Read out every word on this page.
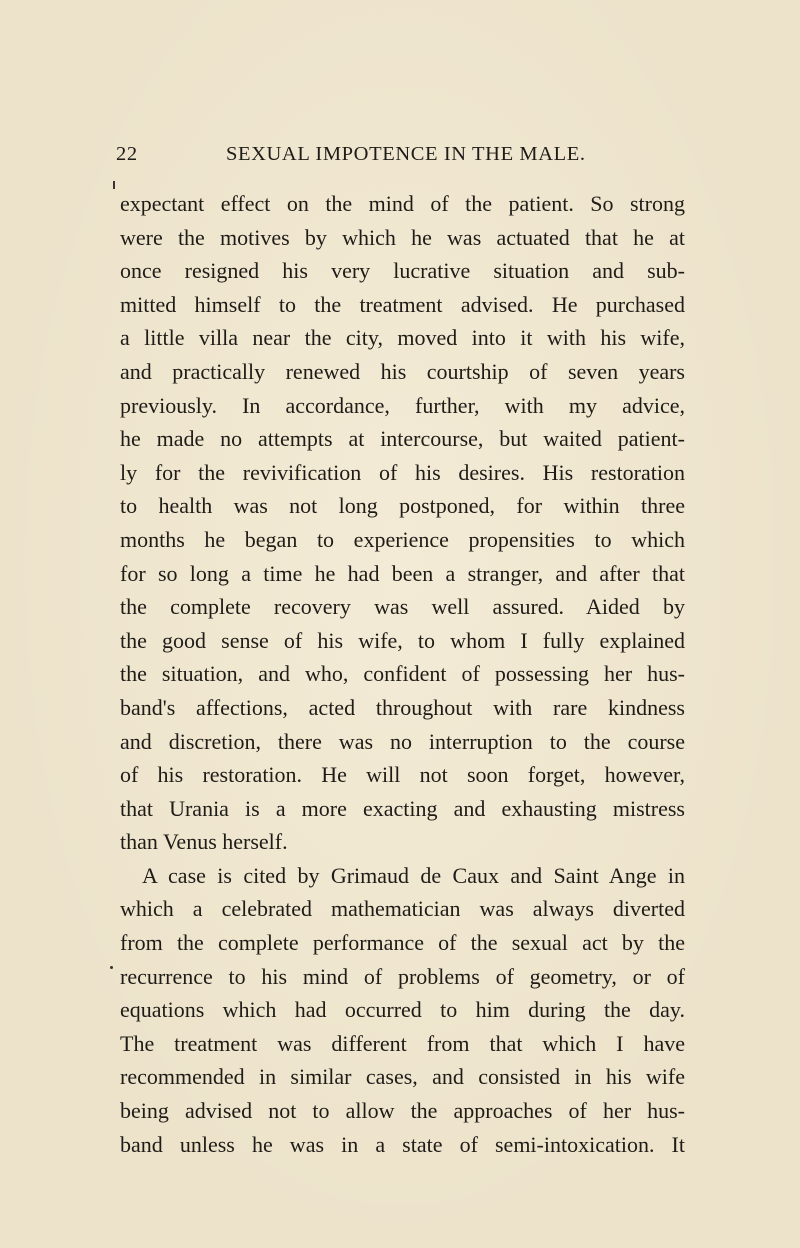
22	SEXUAL IMPOTENCE IN THE MALE.
expectant effect on the mind of the patient. So strong
were the motives by which he was actuated that he at
once resigned his very lucrative situation and sub-
mitted himself to the treatment advised. He purchased
a little villa near the city, moved into it with his wife,
and practically renewed his courtship of seven years
previously. In accordance, further, with my advice,
he made no attempts at intercourse, but waited patient-
ly for the revivification of his desires. His restoration
to health was not long postponed, for within three
months he began to experience propensities to which
for so long a time he had been a stranger, and after that
the complete recovery was well assured. Aided by
the good sense of his wife, to whom I fully explained
the situation, and who, confident of possessing her hus-
band's affections, acted throughout with rare kindness
and discretion, there was no interruption to the course
of his restoration. He will not soon forget, however,
that Urania is a more exacting and exhausting mistress
than Venus herself.
A case is cited by Grimaud de Caux and Saint Ange in
which a celebrated mathematician was always diverted
from the complete performance of the sexual act by the
recurrence to his mind of problems of geometry, or of
equations which had occurred to him during the day.
The treatment was different from that which I have
recommended in similar cases, and consisted in his wife
being advised not to allow the approaches of her hus-
band unless he was in a state of semi-intoxication. It
